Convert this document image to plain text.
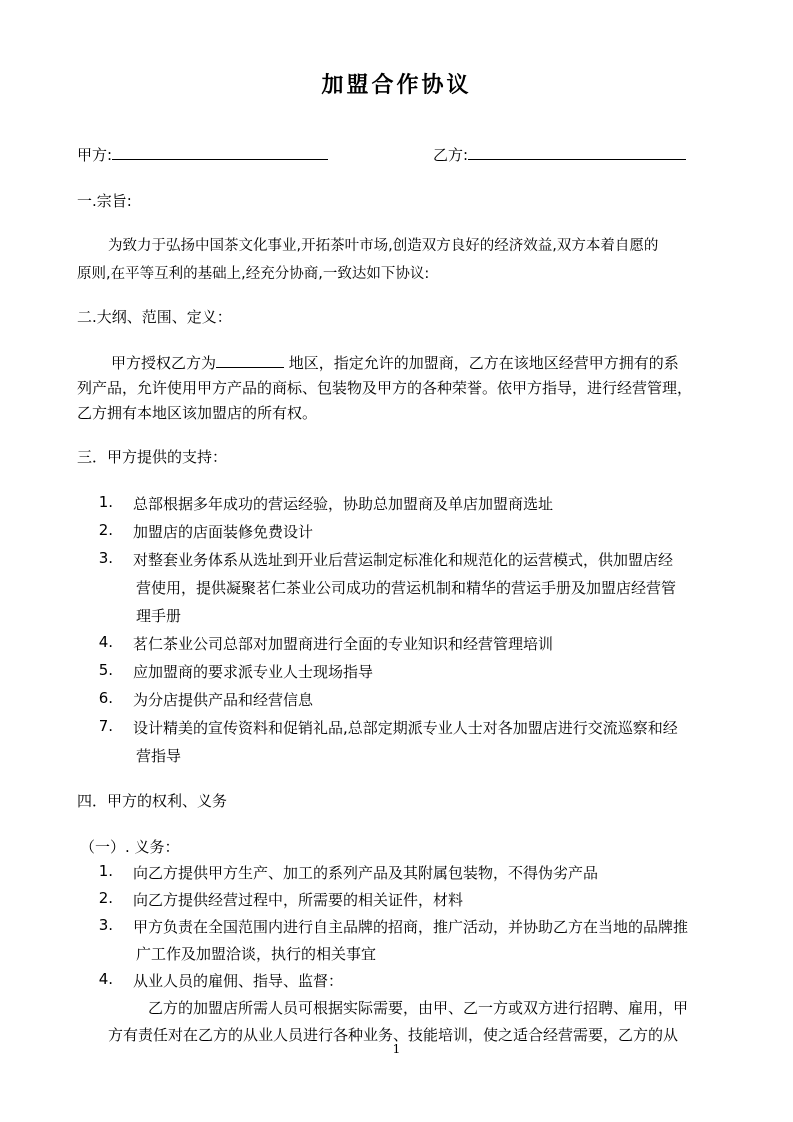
加盟合作协议
甲方:	乙方:
一.宗旨:
为致力于弘扬中国茶文化事业,开拓茶叶市场,创造双方良好的经济效益,双方本着自愿的
原则,在平等互利的基础上,经充分协商,一致达如下协议:
二.大纲、范围、定义：
甲方授权乙方为	地区，指定允许的加盟商，乙方在该地区经营甲方拥有的系
列产品，允许使用甲方产品的商标、包装物及甲方的各种荣誉。依甲方指导，进行经营管理，
乙方拥有本地区该加盟店的所有权。
三．甲方提供的支持：
1. 总部根据多年成功的营运经验，协助总加盟商及单店加盟商选址
2. 加盟店的店面装修免费设计
3. 对整套业务体系从选址到开业后营运制定标准化和规范化的运营模式，供加盟店经
营使用，提供凝聚茗仁茶业公司成功的营运机制和精华的营运手册及加盟店经营管
理手册
4. 茗仁茶业公司总部对加盟商进行全面的专业知识和经营管理培训
5. 应加盟商的要求派专业人士现场指导
6. 为分店提供产品和经营信息
7. 设计精美的宣传资料和促销礼品,总部定期派专业人士对各加盟店进行交流巡察和经
营指导
四．甲方的权利、义务
（一）. 义务：
1. 向乙方提供甲方生产、加工的系列产品及其附属包装物，不得伪劣产品
2. 向乙方提供经营过程中，所需要的相关证件，材料
3. 甲方负责在全国范围内进行自主品牌的招商，推广活动，并协助乙方在当地的品牌推
广工作及加盟洽谈，执行的相关事宜
4. 从业人员的雇佣、指导、监督：
乙方的加盟店所需人员可根据实际需要，由甲、乙一方或双方进行招聘、雇用，甲
方有责任对在乙方的从业人员进行各种业务、技能培训，使之适合经营需要，乙方的从
1
